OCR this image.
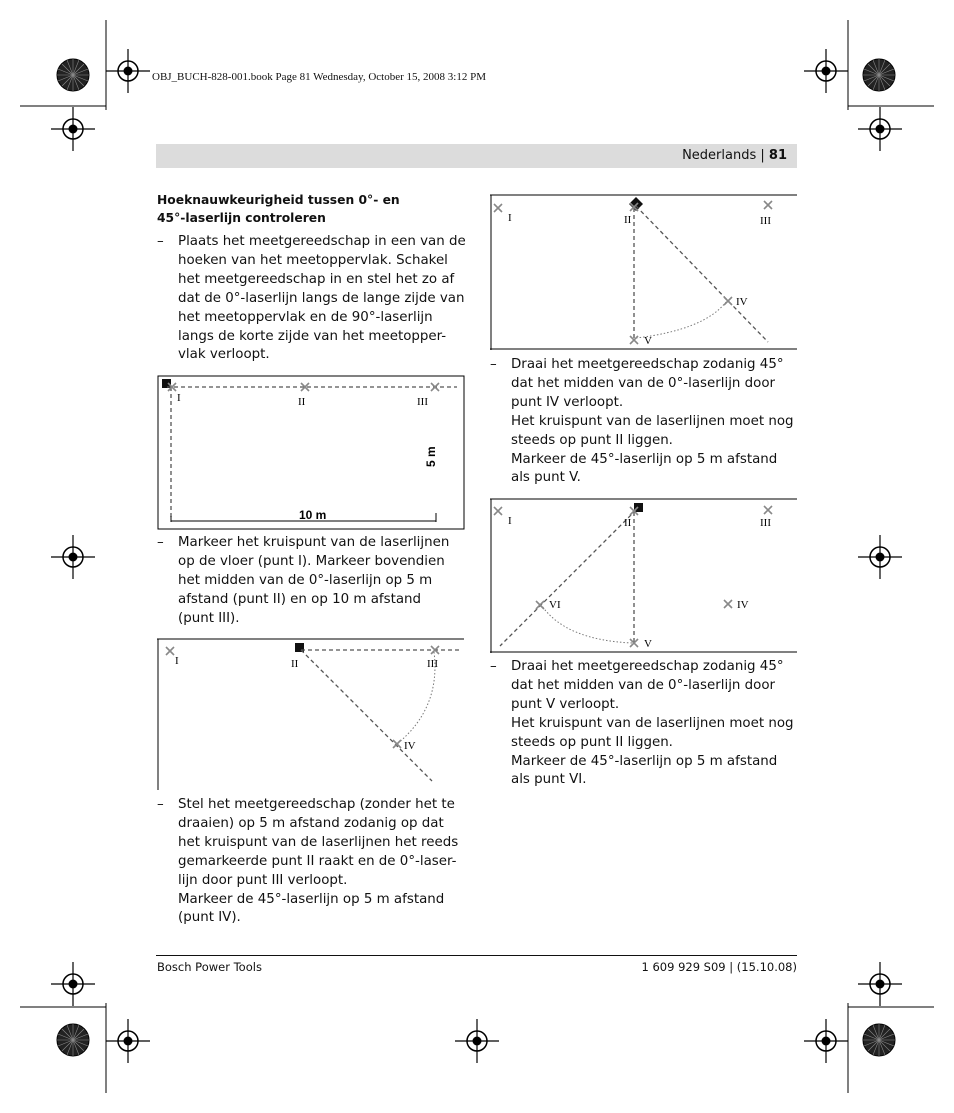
OBJ_BUCH-828-001.book Page 81 Wednesday, October 15, 2008 3:12 PM
Nederlands | 81
Hoeknauwkeurigheid tussen 0°- en
45°-laserlijn controleren
– Plaats het meetgereedschap in een van de
hoeken van het meetoppervlak. Schakel
het meetgereedschap in en stel het zo af
dat de 0°-laserlijn langs de lange zijde van
het meetoppervlak en de 90°-laserlijn
langs de korte zijde van het meetopper-
vlak verloopt.
I	II	III
5 m
10 m
– Markeer het kruispunt van de laserlijnen
op de vloer (punt I). Markeer bovendien
het midden van de 0°-laserlijn op 5 m
afstand (punt II) en op 10 m afstand
(punt III).
I	II	III
IV
– Stel het meetgereedschap (zonder het te
draaien) op 5 m afstand zodanig op dat
het kruispunt van de laserlijnen het reeds
gemarkeerde punt II raakt en de 0°-laser-
lijn door punt III verloopt.
Markeer de 45°-laserlijn op 5 m afstand
(punt IV).
I	II	III
IV
V
– Draai het meetgereedschap zodanig 45°
dat het midden van de 0°-laserlijn door
punt IV verloopt.
Het kruispunt van de laserlijnen moet nog
steeds op punt II liggen.
Markeer de 45°-laserlijn op 5 m afstand
als punt V.
I	II	III
IV
VI
V
– Draai het meetgereedschap zodanig 45°
dat het midden van de 0°-laserlijn door
punt V verloopt.
Het kruispunt van de laserlijnen moet nog
steeds op punt II liggen.
Markeer de 45°-laserlijn op 5 m afstand
als punt VI.
Bosch Power Tools	1 609 929 S09 | (15.10.08)
